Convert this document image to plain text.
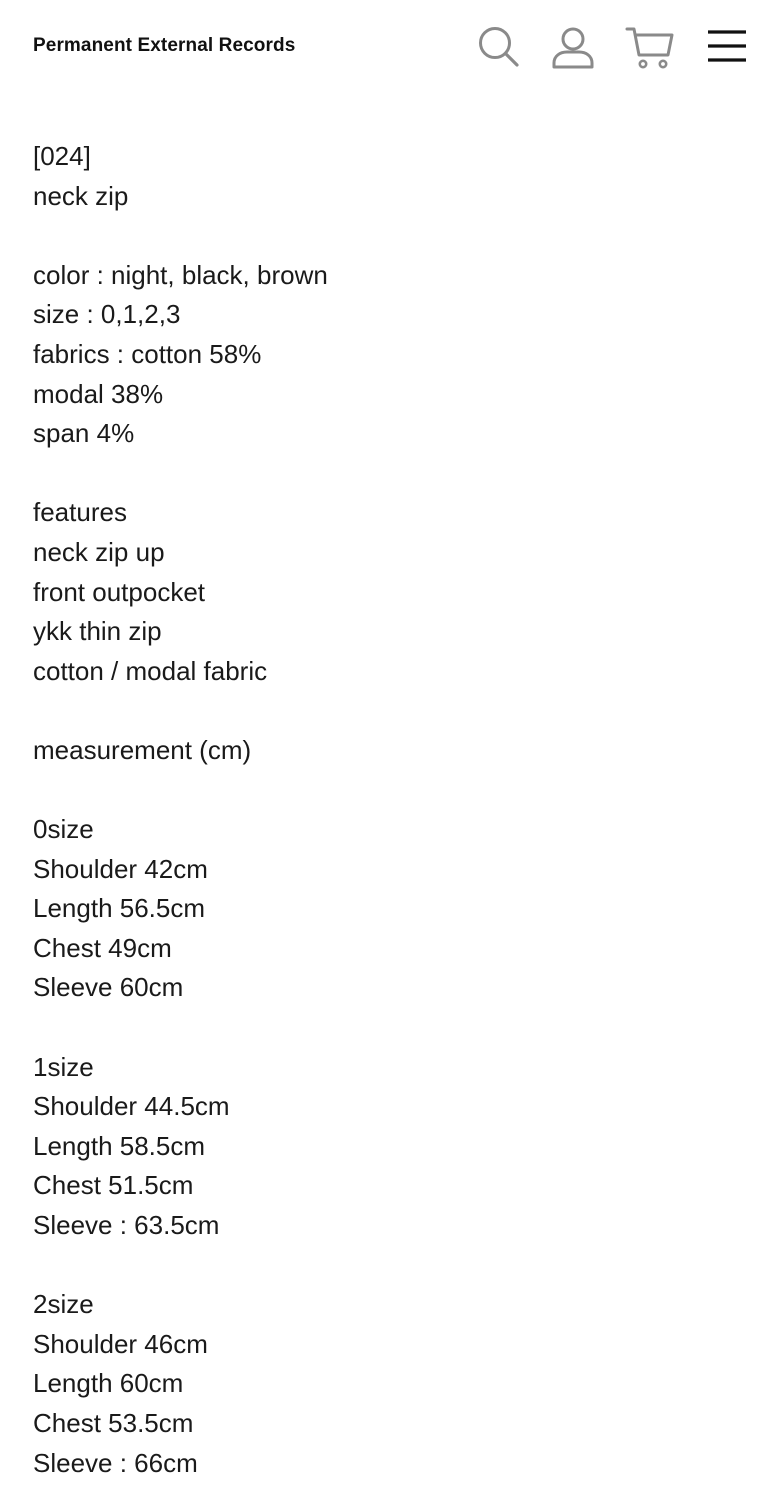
Permanent External Records
[024]
neck zip
color : night, black, brown
size : 0,1,2,3
fabrics : cotton 58%
modal 38%
span 4%
features
neck zip up
front outpocket
ykk thin zip
cotton / modal fabric
measurement (cm)
0size
Shoulder 42cm
Length 56.5cm
Chest 49cm
Sleeve 60cm
1size
Shoulder 44.5cm
Length 58.5cm
Chest 51.5cm
Sleeve : 63.5cm
2size
Shoulder 46cm
Length 60cm
Chest 53.5cm
Sleeve : 66cm
